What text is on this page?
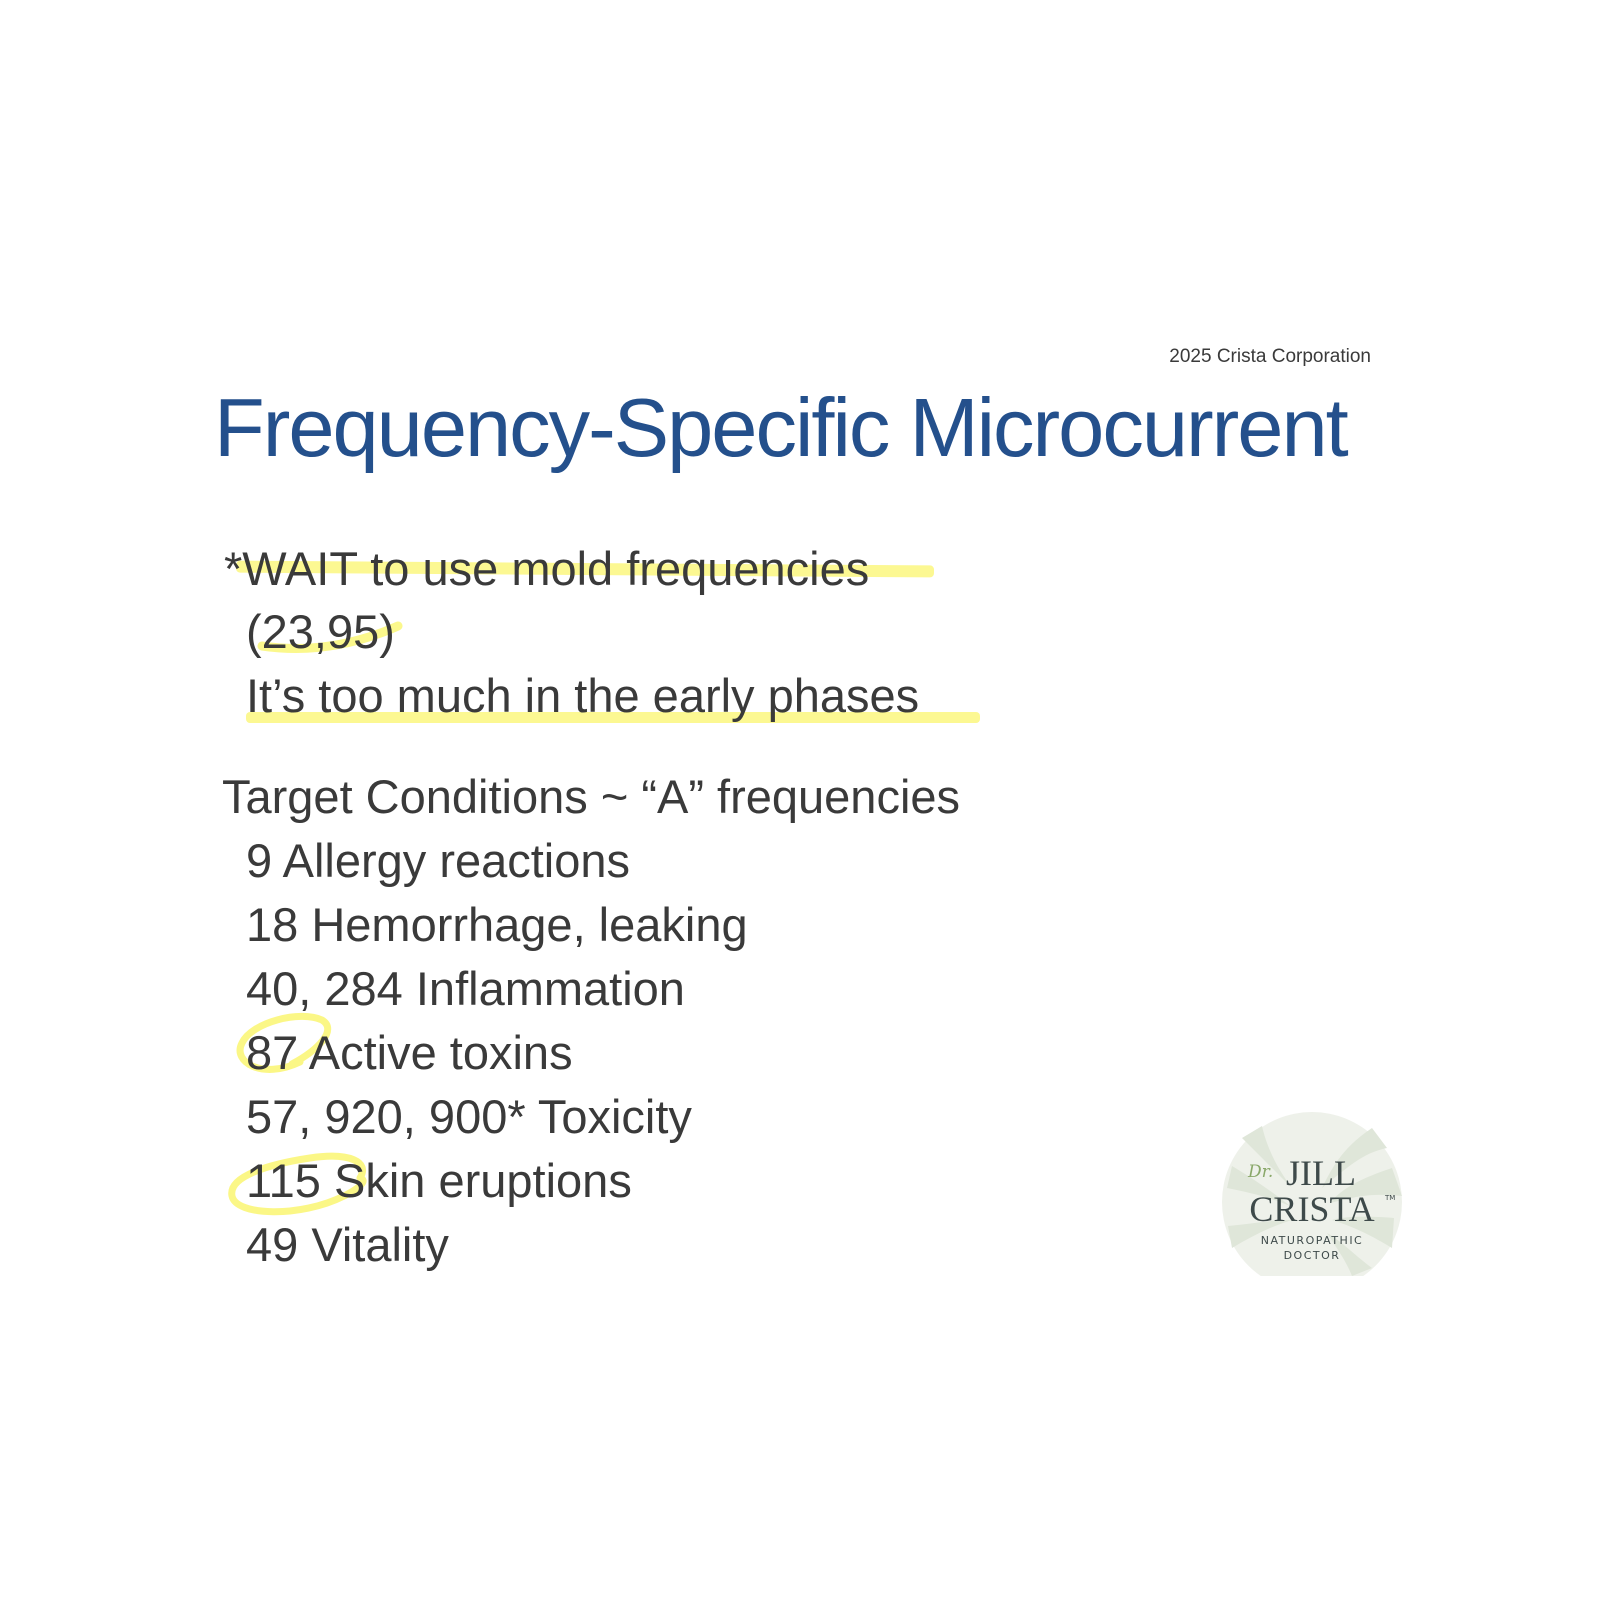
2025 Crista Corporation
Frequency-Specific Microcurrent
*WAIT to use mold frequencies
(23,95)
It’s too much in the early phases
Target Conditions ~ “A” frequencies
9 Allergy reactions
18 Hemorrhage, leaking
40, 284 Inflammation
87 Active toxins
57, 920, 900* Toxicity
115 Skin eruptions
49 Vitality
Dr. JILL
CRISTA	TM
NATUROPATHIC
DOCTOR
